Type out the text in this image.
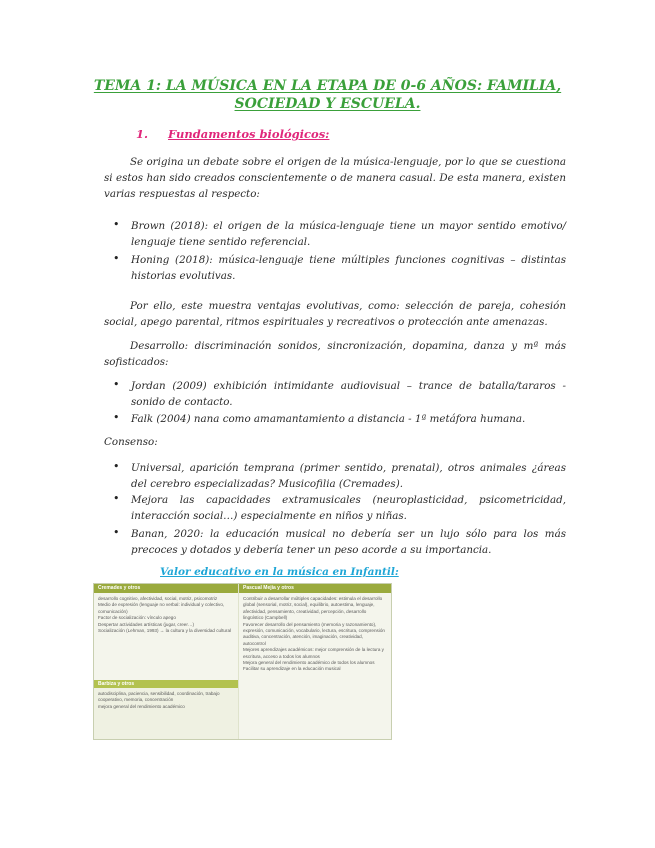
TEMA 1: LA MÚSICA EN LA ETAPA DE 0-6 AÑOS: FAMILIA,
SOCIEDAD Y ESCUELA.
1. Fundamentos biológicos:
Se origina un debate sobre el origen de la música-lenguaje, por lo que se cuestiona si estos han sido creados conscientemente o de manera casual. De esta manera, existen varias respuestas al respecto:
• Brown (2018): el origen de la música-lenguaje tiene un mayor sentido emotivo/ lenguaje tiene sentido referencial.
• Honing (2018): música-lenguaje tiene múltiples funciones cognitivas – distintas historias evolutivas.
Por ello, este muestra ventajas evolutivas, como: selección de pareja, cohesión social, apego parental, ritmos espirituales y recreativos o protección ante amenazas.
Desarrollo: discriminación sonidos, sincronización, dopamina, danza y mª más sofisticados:
• Jordan (2009) exhibición intimidante audiovisual – trance de batalla/tararos - sonido de contacto.
• Falk (2004) nana como amamantamiento a distancia - 1ª metáfora humana.
Consenso:
• Universal, aparición temprana (primer sentido, prenatal), otros animales ¿áreas del cerebro especializadas? Musicofilia (Cremades).
• Mejora las capacidades extramusicales (neuroplasticidad, psicometricidad, interacción social…) especialmente en niños y niñas.
• Banan, 2020: la educación musical no debería ser un lujo sólo para los más precoces y dotados y debería tener un peso acorde a su importancia.
Valor educativo en la música en Infantil:
Cremades y otros
desarrollo cognitivo, afectividad, social, motriz, psicomotriz
Medio de expresión (lenguaje no verbal: individual y colectivo, comunicación)
Factor de socialización: vínculo apego
Despertar actividades artísticas (jugar, creer…)
Socialización (Lehman, 1993) → la cultura y la diversidad cultural
Barbiza y otros
autodisciplina, paciencia, sensibilidad, coordinación, trabajo cooperativo, memoria, concentración
mejora general del rendimiento académico
Pascual Mejía y otros
Contribuir a desarrollar múltiples capacidades: estimula el desarrollo global (sensorial, motriz, social), equilibrio, autoestima, lenguaje, afectividad, pensamiento, creatividad, percepción, desarrollo lingüístico (Campbell)
Favorecer desarrollo del pensamiento (memoria y razonamiento), expresión, comunicación, vocabulario, lectura, escritura, comprensión auditiva, concentración, atención, imaginación, creatividad, autocontrol
Mejores aprendizajes académicos: mejor comprensión de la lectura y escritura, acceso a todos los alumnos
Mejora general del rendimiento académico de todos los alumnos
Facilitar su aprendizaje en la educación musical
